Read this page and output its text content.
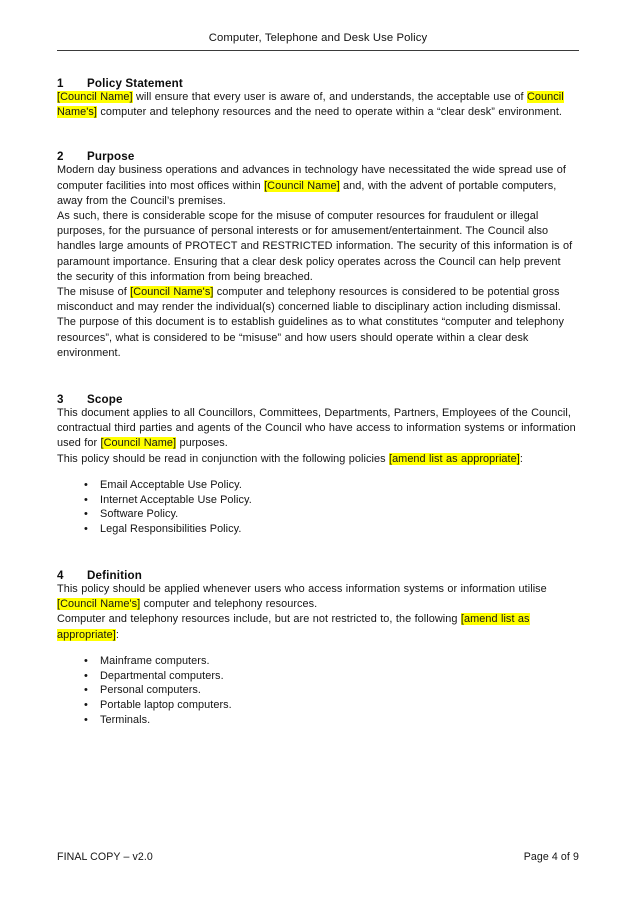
Computer, Telephone and Desk Use Policy
1	Policy Statement

[Council Name] will ensure that every user is aware of, and understands, the acceptable use of Council Name's] computer and telephony resources and the need to operate within a “clear desk” environment.

2	Purpose

Modern day business operations and advances in technology have necessitated the wide spread use of computer facilities into most offices within [Council Name] and, with the advent of portable computers, away from the Council’s premises.

As such, there is considerable scope for the misuse of computer resources for fraudulent or illegal purposes, for the pursuance of personal interests or for amusement/entertainment. The Council also handles large amounts of PROTECT and RESTRICTED information. The security of this information is of paramount importance. Ensuring that a clear desk policy operates across the Council can help prevent the security of this information from being breached.

The misuse of [Council Name's] computer and telephony resources is considered to be potential gross misconduct and may render the individual(s) concerned liable to disciplinary action including dismissal.

The purpose of this document is to establish guidelines as to what constitutes “computer and telephony resources”, what is considered to be “misuse” and how users should operate within a clear desk environment.

3	Scope

This document applies to all Councillors, Committees, Departments, Partners, Employees of the Council, contractual third parties and agents of the Council who have access to information systems or information used for [Council Name] purposes.

This policy should be read in conjunction with the following policies [amend list as appropriate]:

• Email Acceptable Use Policy.
• Internet Acceptable Use Policy.
• Software Policy.
• Legal Responsibilities Policy.
4	Definition

This policy should be applied whenever users who access information systems or information utilise [Council Name's] computer and telephony resources.

Computer and telephony resources include, but are not restricted to, the following [amend list as appropriate]:

• Mainframe computers.
• Departmental computers.
• Personal computers.
• Portable laptop computers.
• Terminals.
FINAL COPY – v2.0	Page 4 of 9
